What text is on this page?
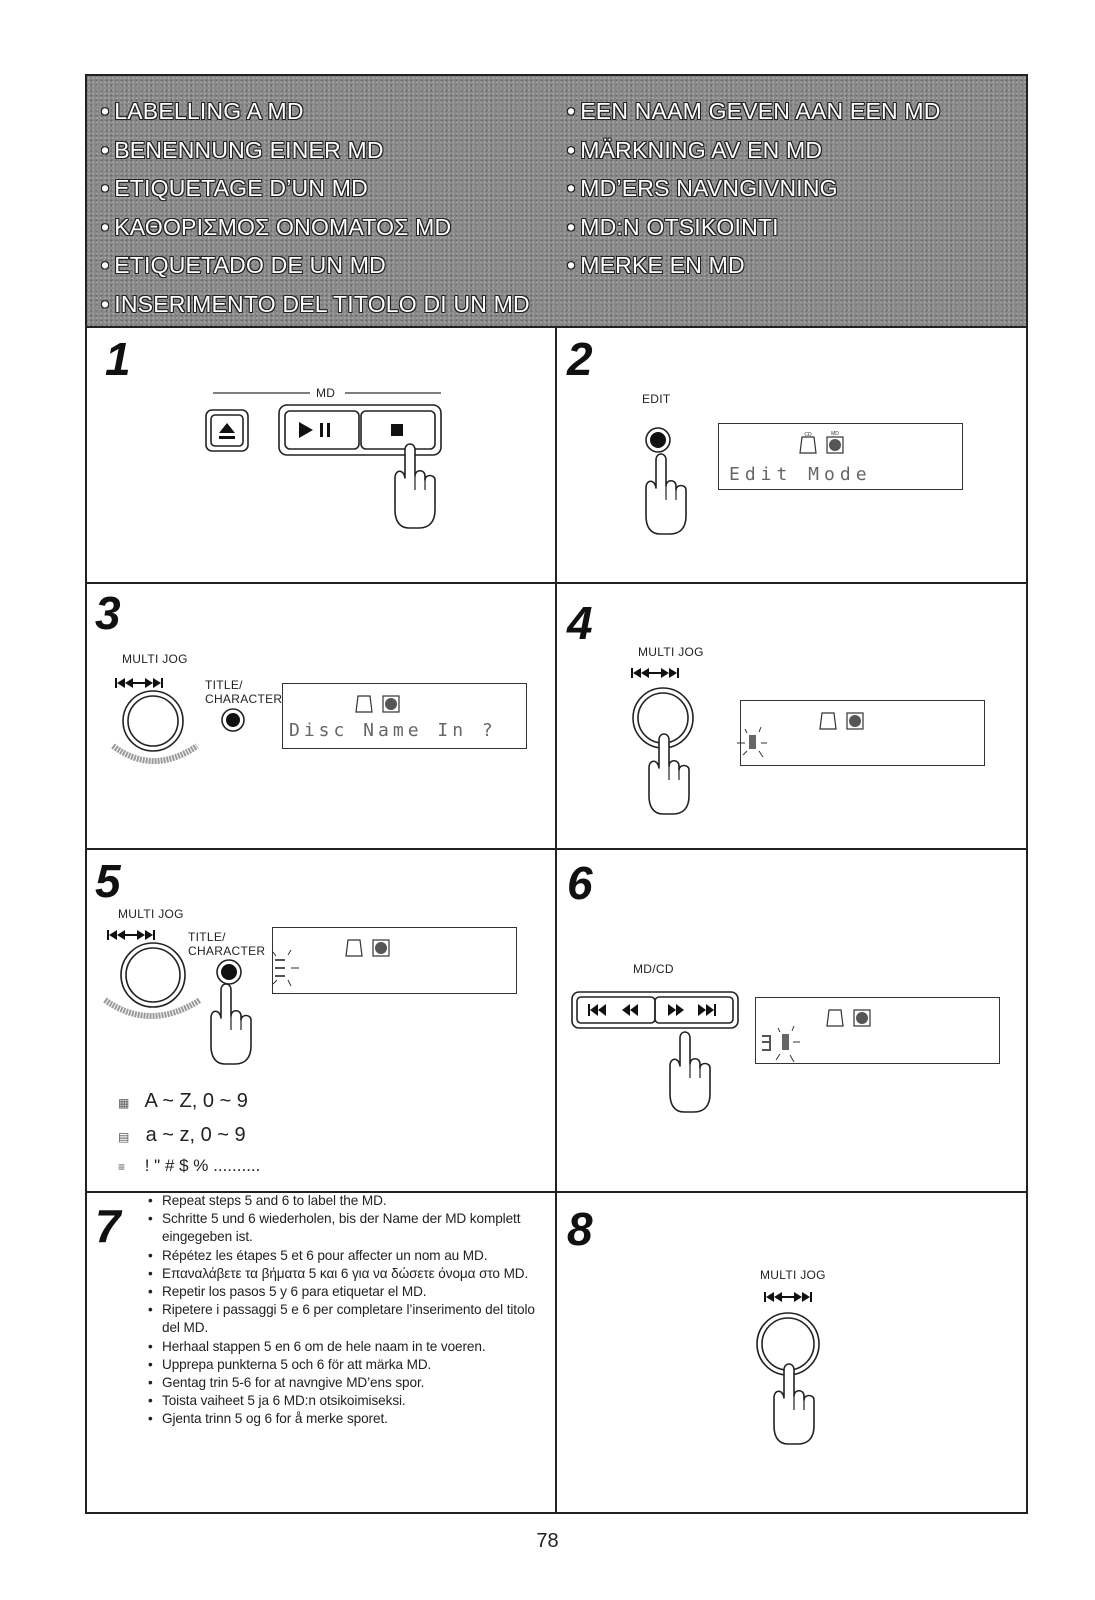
• LABELLING A MD
• BENENNUNG EINER MD
• ETIQUETAGE D’UN MD
• ΚΑΘΟΡΙΣΜΟΣ ΟΝΟΜΑΤΟΣ MD
• ETIQUETADO DE UN MD
• INSERIMENTO DEL TITOLO DI UN MD
• EEN NAAM GEVEN AAN EEN MD
• MÄRKNING AV EN MD
• MD’ERS NAVNGIVNING
• MD:N OTSIKOINTI
• MERKE EN MD
1
MD
2
EDIT
CD	MD
Edit Mode
3
MULTI JOG
TITLE/
CHARACTER
Disc Name In ?
4
MULTI JOG
5
MULTI JOG
TITLE/
CHARACTER
▦ A ~ Z, 0 ~ 9
▤ a ~ z, 0 ~ 9
≡ ! " # $ % ..........
6
MD/CD
7
•	Repeat steps 5 and 6 to label the MD.
• Schritte 5 und 6 wiederholen, bis der Name der MD komplett eingegeben ist.
• Répétez les étapes 5 et 6 pour affecter un nom au MD.
• Επαναλάβετε τα βήματα 5 και 6 για να δώσετε όνομα στο MD.
• Repetir los pasos 5 y 6 para etiquetar el MD.
• Ripetere i passaggi 5 e 6 per completare l’inserimento del titolo del MD.
• Herhaal stappen 5 en 6 om de hele naam in te voeren.
• Upprepa punkterna 5 och 6 för att märka MD.
• Gentag trin 5-6 for at navngive MD’ens spor.
• Toista vaiheet 5 ja 6 MD:n otsikoimiseksi.
• Gjenta trinn 5 og 6 for å merke sporet.
8
MULTI JOG
78
